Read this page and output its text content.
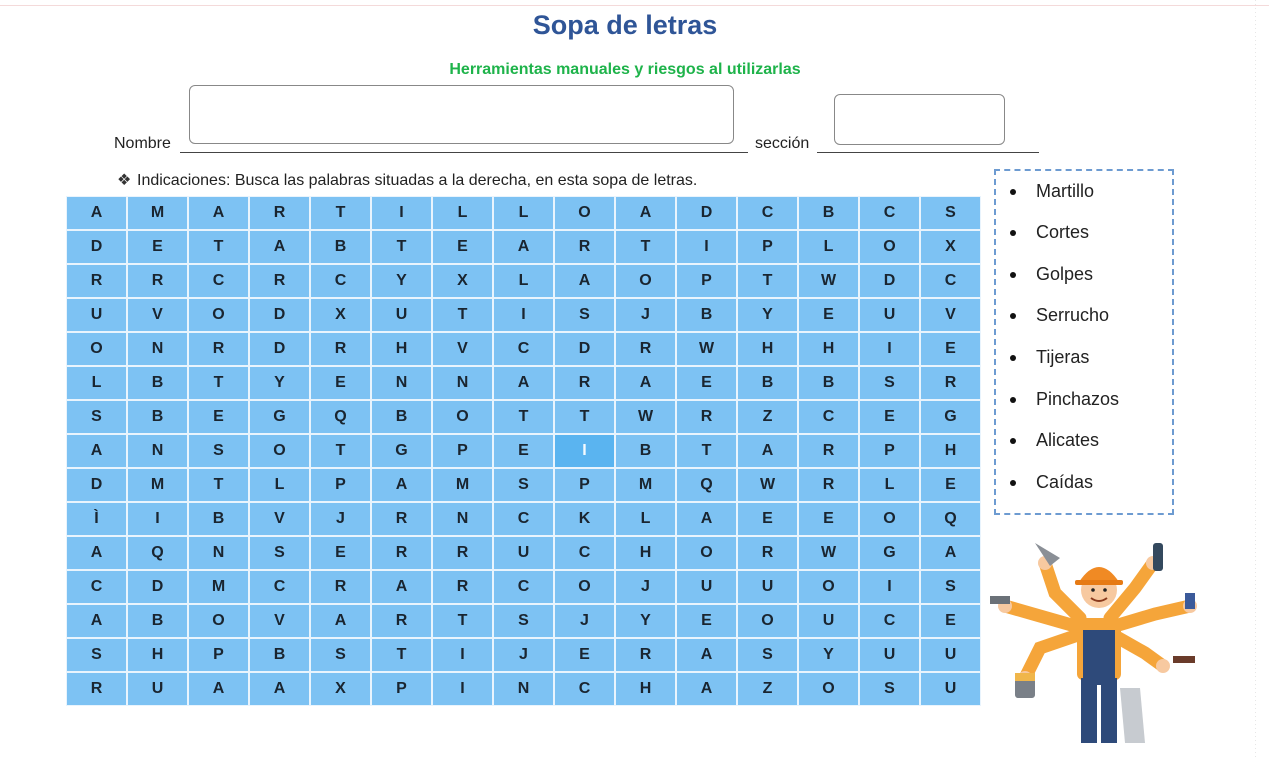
Sopa de letras
Herramientas manuales y riesgos al utilizarlas
Nombre	sección
❖ Indicaciones: Busca las palabras situadas a la derecha, en esta sopa de letras.
A	M	A	R	T	I	L	L	O	A	D	C	B	C	S
D	E	T	A	B	T	E	A	R	T	I	P	L	O	X
R	R	C	R	C	Y	X	L	A	O	P	T	W	D	C
U	V	O	D	X	U	T	I	S	J	B	Y	E	U	V
O	N	R	D	R	H	V	C	D	R	W	H	H	I	E
L	B	T	Y	E	N	N	A	R	A	E	B	B	S	R
S	B	E	G	Q	B	O	T	T	W	R	Z	C	E	G
A	N	S	O	T	G	P	E	I	B	T	A	R	P	H
D	M	T	L	P	A	M	S	P	M	Q	W	R	L	E
Ì	I	B	V	J	R	N	C	K	L	A	E	E	O	Q
A	Q	N	S	E	R	R	U	C	H	O	R	W	G	A
C	D	M	C	R	A	R	C	O	J	U	U	O	I	S
A	B	O	V	A	R	T	S	J	Y	E	O	U	C	E
S	H	P	B	S	T	I	J	E	R	A	S	Y	U	U
R	U	A	A	X	P	I	N	C	H	A	Z	O	S	U
Martillo
Cortes
Golpes
Serrucho
Tijeras
Pinchazos
Alicates
Caídas
